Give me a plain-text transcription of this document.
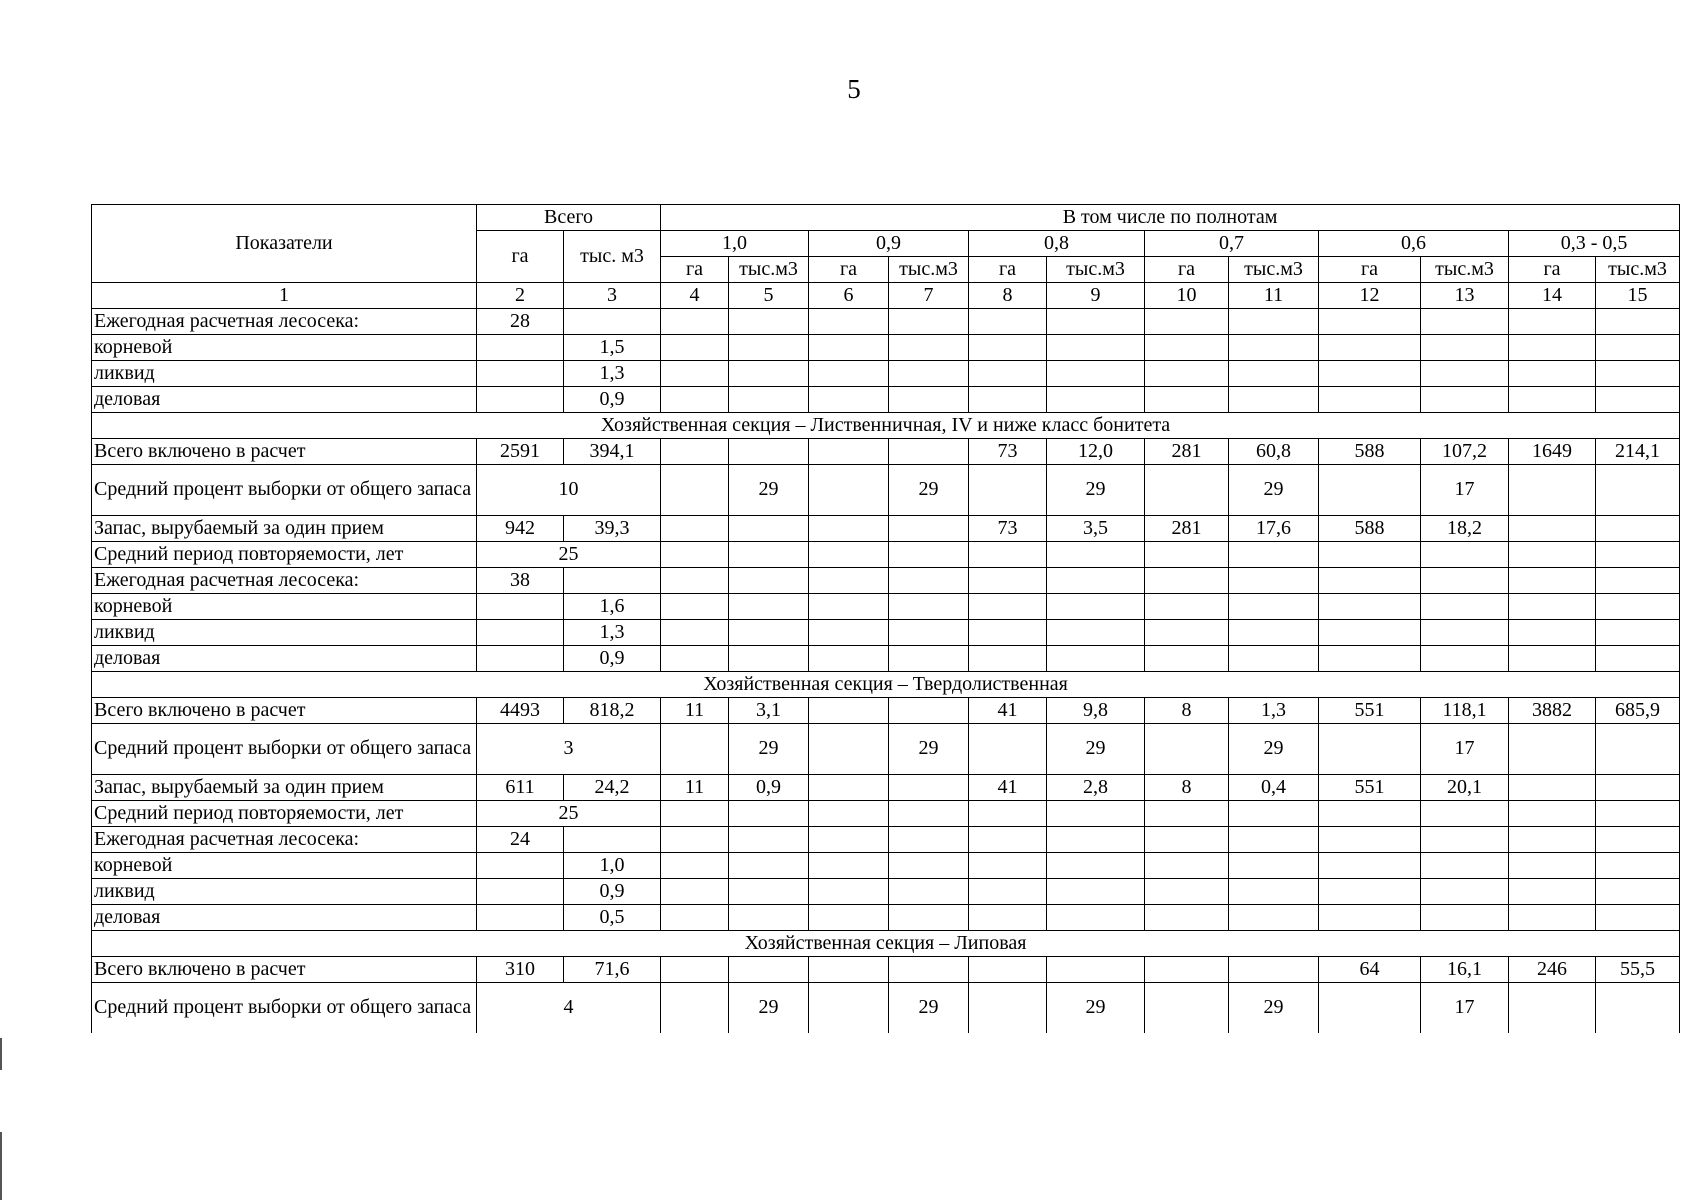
5
Показатели	Всего		В том числе по полнотам											
	га	тыс. м3	1,0		0,9		0,8		0,7		0,6		0,3 - 0,5	
			га	тыс.м3	га	тыс.м3	га	тыс.м3	га	тыс.м3	га	тыс.м3	га	тыс.м3
1	2	3	4	5	6	7	8	9	10	11	12	13	14	15
Ежегодная расчетная лесосека:	28													
корневой		1,5												
ликвид		1,3												
деловая		0,9												
Хозяйственная секция – Лиственничная, IV и ниже класс бонитета														
Всего включено в расчет	2591	394,1					73	12,0	281	60,8	588	107,2	1649	214,1
Средний процент выборки от общего запаса	10			29		29		29		29		17		
Запас, вырубаемый за один прием	942	39,3					73	3,5	281	17,6	588	18,2		
Средний период повторяемости, лет	25													
Ежегодная расчетная лесосека:	38													
корневой		1,6												
ликвид		1,3												
деловая		0,9												
Хозяйственная секция – Твердолиственная														
Всего включено в расчет	4493	818,2	11	3,1			41	9,8	8	1,3	551	118,1	3882	685,9
Средний процент выборки от общего запаса	3			29		29		29		29		17		
Запас, вырубаемый за один прием	611	24,2	11	0,9			41	2,8	8	0,4	551	20,1		
Средний период повторяемости, лет	25													
Ежегодная расчетная лесосека:	24													
корневой		1,0												
ликвид		0,9												
деловая		0,5												
Хозяйственная секция – Липовая														
Всего включено в расчет	310	71,6									64	16,1	246	55,5
Средний процент выборки от общего запаса	4			29		29		29		29		17		
